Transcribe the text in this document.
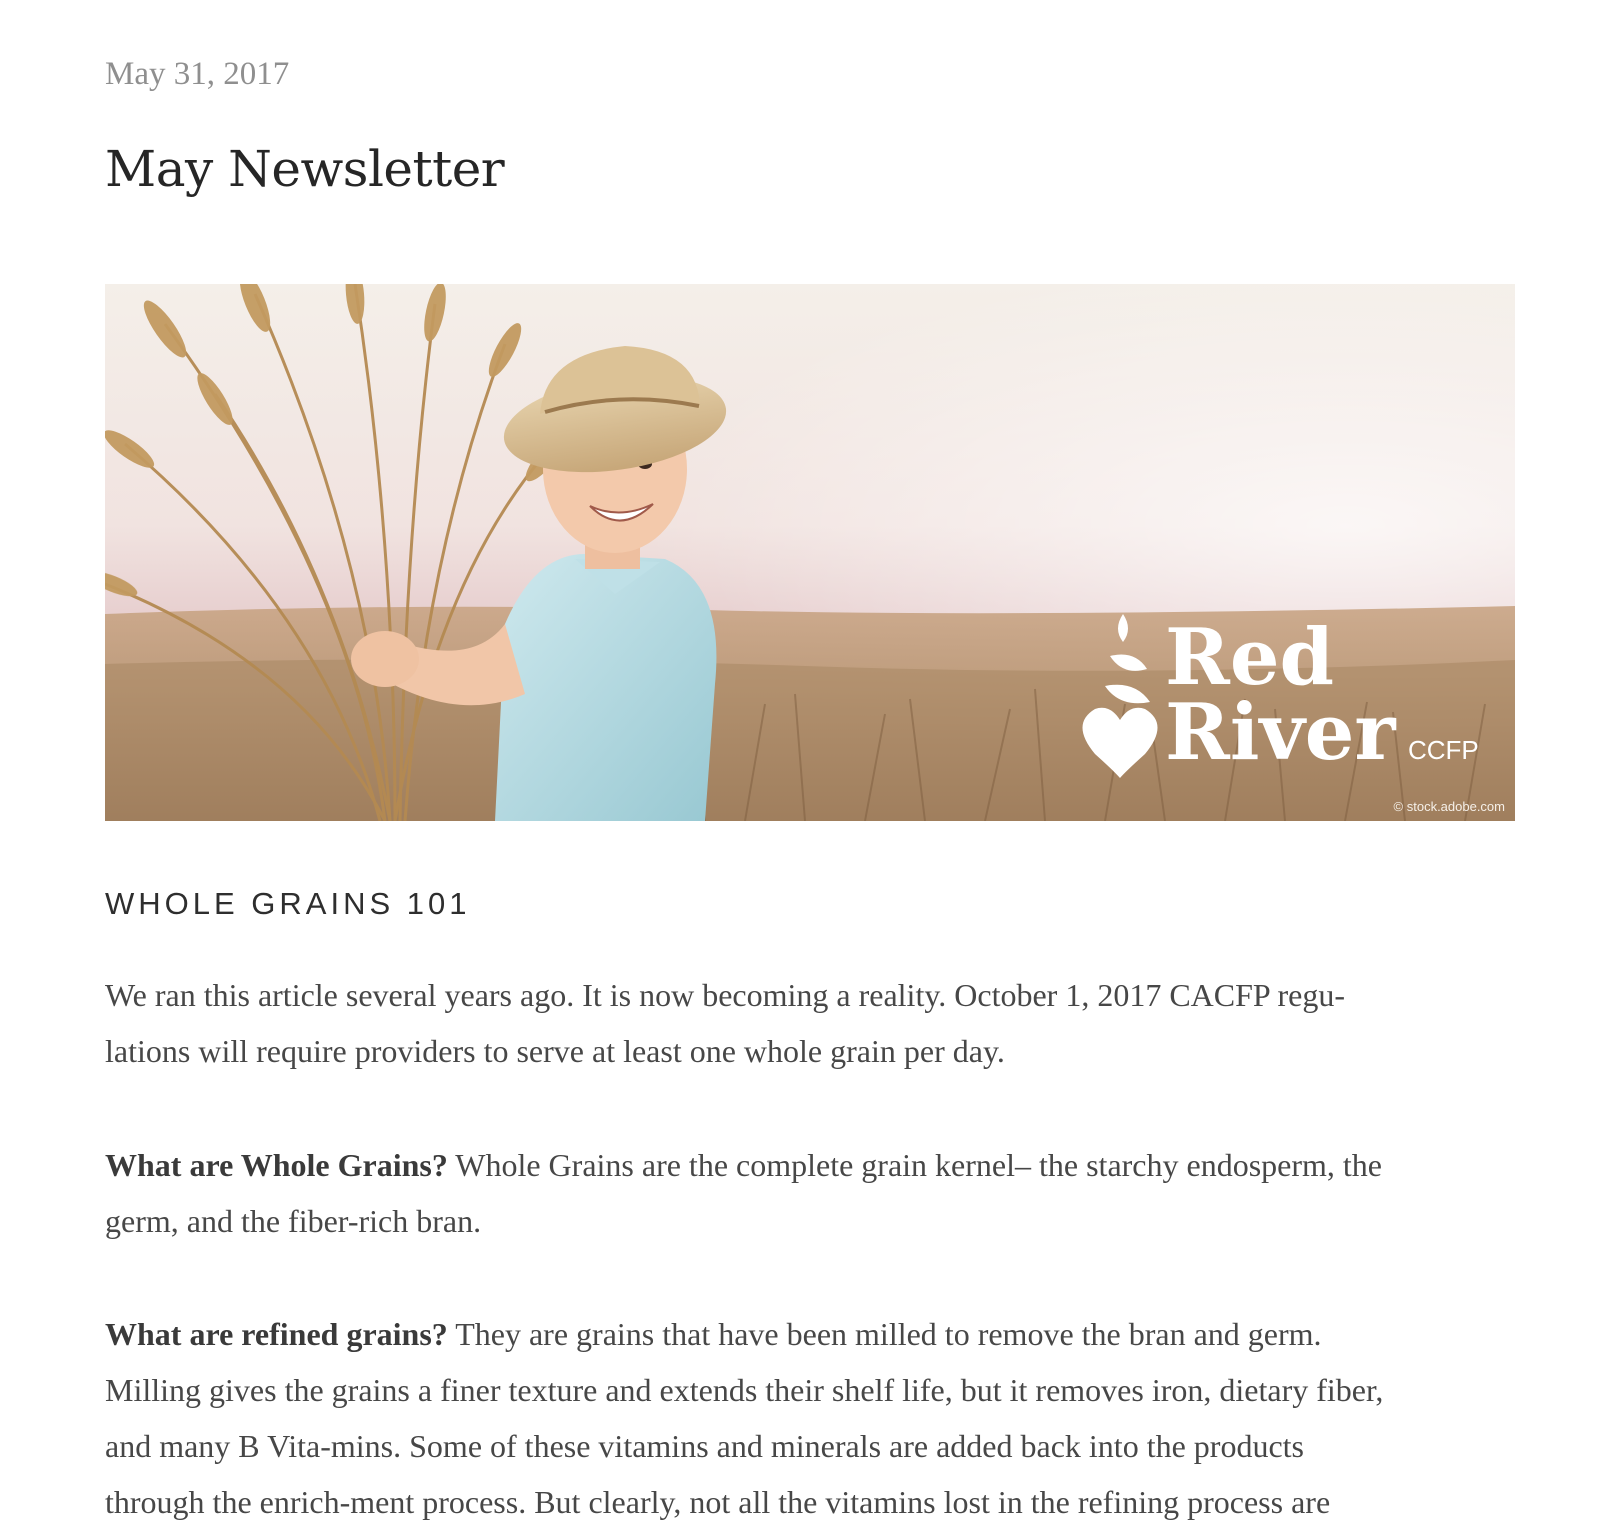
May 31, 2017
May Newsletter
Red
River CCFP
© stock.adobe.com
WHOLE GRAINS 101

We ran this article several years ago. It is now becoming a reality. October 1, 2017 CACFP regu-
lations will require providers to serve at least one whole grain per day.

What are Whole Grains? Whole Grains are the complete grain kernel– the starchy endosperm, the
germ, and the fiber-rich bran.

What are refined grains? They are grains that have been milled to remove the bran and germ.
Milling gives the grains a finer texture and extends their shelf life, but it removes iron, dietary fiber,
and many B Vita-mins. Some of these vitamins and minerals are added back into the products
through the enrich-ment process. But clearly, not all the vitamins lost in the refining process are
